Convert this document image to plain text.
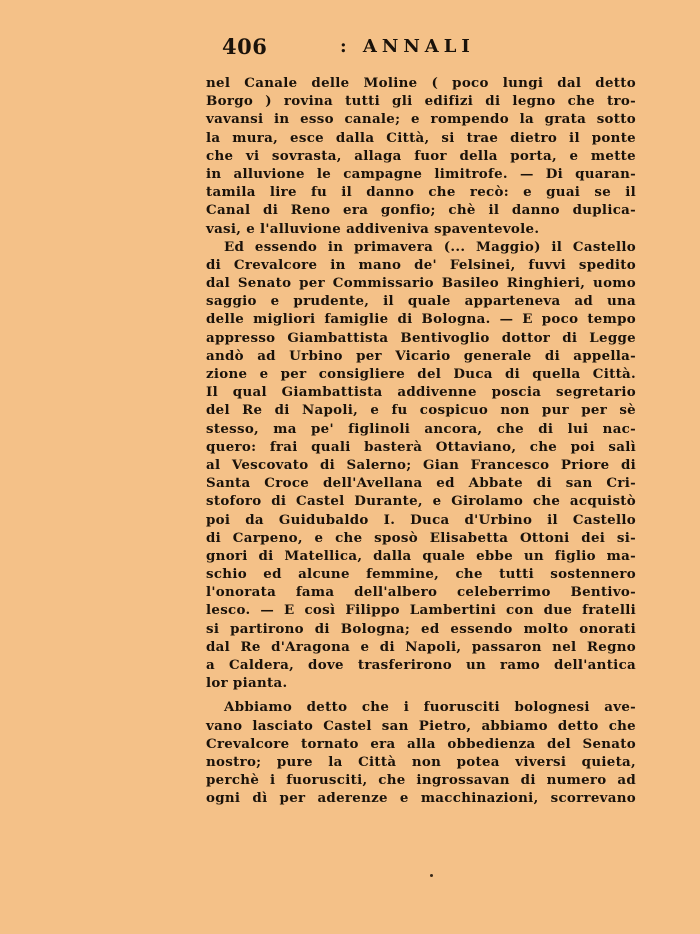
406	: ANNALI
nel Canale delle Moline ( poco lungi dal detto
Borgo ) rovina tutti gli edifizi di legno che tro-
vavansi in esso canale; e rompendo la grata sotto
la mura, esce dalla Città, si trae dietro il ponte
che vi sovrasta, allaga fuor della porta, e mette
in alluvione le campagne limitrofe. — Di quaran-
tamila lire fu il danno che recò: e guai se il
Canal di Reno era gonfio; chè il danno duplica-
vasi, e l'alluvione addiveniva spaventevole.
Ed essendo in primavera (... Maggio) il Castello
di Crevalcore in mano de' Felsinei, fuvvi spedito
dal Senato per Commissario Basileo Ringhieri, uomo
saggio e prudente, il quale apparteneva ad una
delle migliori famiglie di Bologna. — E poco tempo
appresso Giambattista Bentivoglio dottor di Legge
andò ad Urbino per Vicario generale di appella-
zione e per consigliere del Duca di quella Città.
Il qual Giambattista addivenne poscia segretario
del Re di Napoli, e fu cospicuo non pur per sè
stesso, ma pe' figlinoli ancora, che di lui nac-
quero: frai quali basterà Ottaviano, che poi salì
al Vescovato di Salerno; Gian Francesco Priore di
Santa Croce dell'Avellana ed Abbate di san Cri-
stoforo di Castel Durante, e Girolamo che acquistò
poi da Guidubaldo I. Duca d'Urbino il Castello
di Carpeno, e che sposò Elisabetta Ottoni dei si-
gnori di Matellica, dalla quale ebbe un figlio ma-
schio ed alcune femmine, che tutti sostennero
l'onorata fama dell'albero celeberrimo Bentivo-
lesco. — E così Filippo Lambertini con due fratelli
si partirono di Bologna; ed essendo molto onorati
dal Re d'Aragona e di Napoli, passaron nel Regno
a Caldera, dove trasferirono un ramo dell'antica
lor pianta.
Abbiamo detto che i fuorusciti bolognesi ave-
vano lasciato Castel san Pietro, abbiamo detto che
Crevalcore tornato era alla obbedienza del Senato
nostro; pure la Città non potea viversi quieta,
perchè i fuorusciti, che ingrossavan di numero ad
ogni dì per aderenze e macchinazioni, scorrevano
